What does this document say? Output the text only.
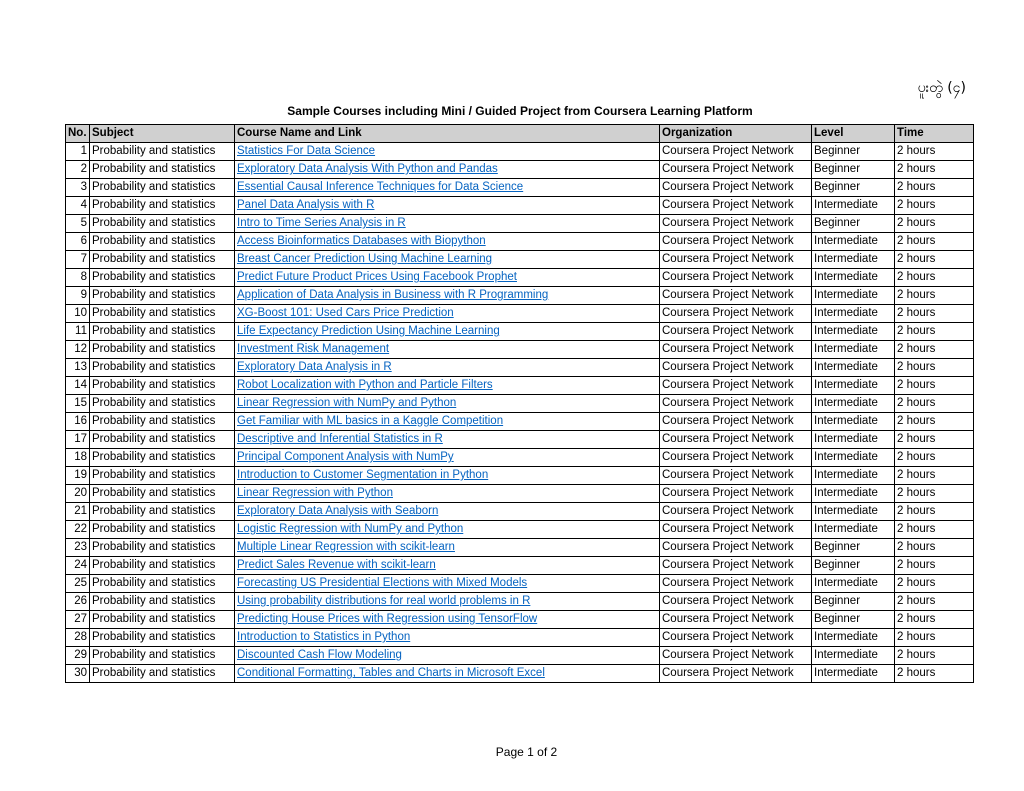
ပူးတွဲ (၄)
Sample Courses including Mini / Guided Project from Coursera Learning Platform
No.	Subject	Course Name and Link	Organization	Level	Time
1	Probability and statistics	Statistics For Data Science	Coursera Project Network	Beginner	2 hours
2	Probability and statistics	Exploratory Data Analysis With Python and Pandas	Coursera Project Network	Beginner	2 hours
3	Probability and statistics	Essential Causal Inference Techniques for Data Science	Coursera Project Network	Beginner	2 hours
4	Probability and statistics	Panel Data Analysis with R	Coursera Project Network	Intermediate	2 hours
5	Probability and statistics	Intro to Time Series Analysis in R	Coursera Project Network	Beginner	2 hours
6	Probability and statistics	Access Bioinformatics Databases with Biopython	Coursera Project Network	Intermediate	2 hours
7	Probability and statistics	Breast Cancer Prediction Using Machine Learning	Coursera Project Network	Intermediate	2 hours
8	Probability and statistics	Predict Future Product Prices Using Facebook Prophet	Coursera Project Network	Intermediate	2 hours
9	Probability and statistics	Application of Data Analysis in Business with R Programming	Coursera Project Network	Intermediate	2 hours
10	Probability and statistics	XG-Boost 101: Used Cars Price Prediction	Coursera Project Network	Intermediate	2 hours
11	Probability and statistics	Life Expectancy Prediction Using Machine Learning	Coursera Project Network	Intermediate	2 hours
12	Probability and statistics	Investment Risk Management	Coursera Project Network	Intermediate	2 hours
13	Probability and statistics	Exploratory Data Analysis in R	Coursera Project Network	Intermediate	2 hours
14	Probability and statistics	Robot Localization with Python and Particle Filters	Coursera Project Network	Intermediate	2 hours
15	Probability and statistics	Linear Regression with NumPy and Python	Coursera Project Network	Intermediate	2 hours
16	Probability and statistics	Get Familiar with ML basics in a Kaggle Competition	Coursera Project Network	Intermediate	2 hours
17	Probability and statistics	Descriptive and Inferential Statistics in R	Coursera Project Network	Intermediate	2 hours
18	Probability and statistics	Principal Component Analysis with NumPy	Coursera Project Network	Intermediate	2 hours
19	Probability and statistics	Introduction to Customer Segmentation in Python	Coursera Project Network	Intermediate	2 hours
20	Probability and statistics	Linear Regression with Python	Coursera Project Network	Intermediate	2 hours
21	Probability and statistics	Exploratory Data Analysis with Seaborn	Coursera Project Network	Intermediate	2 hours
22	Probability and statistics	Logistic Regression with NumPy and Python	Coursera Project Network	Intermediate	2 hours
23	Probability and statistics	Multiple Linear Regression with scikit-learn	Coursera Project Network	Beginner	2 hours
24	Probability and statistics	Predict Sales Revenue with scikit-learn	Coursera Project Network	Beginner	2 hours
25	Probability and statistics	Forecasting US Presidential Elections with Mixed Models	Coursera Project Network	Intermediate	2 hours
26	Probability and statistics	Using probability distributions for real world problems in R	Coursera Project Network	Beginner	2 hours
27	Probability and statistics	Predicting House Prices with Regression using TensorFlow	Coursera Project Network	Beginner	2 hours
28	Probability and statistics	Introduction to Statistics in Python	Coursera Project Network	Intermediate	2 hours
29	Probability and statistics	Discounted Cash Flow Modeling	Coursera Project Network	Intermediate	2 hours
30	Probability and statistics	Conditional Formatting, Tables and Charts in Microsoft Excel	Coursera Project Network	Intermediate	2 hours
Page 1 of 2
